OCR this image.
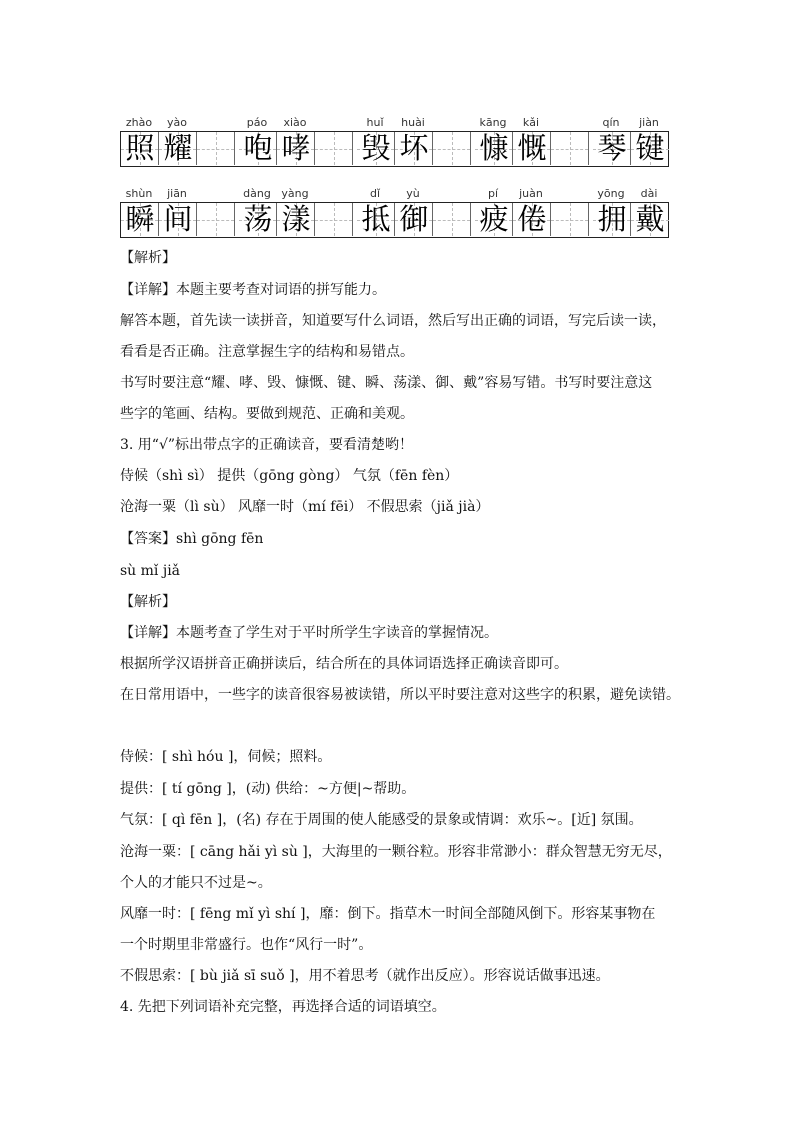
zhào	yào	páo	xiào	huǐ	huài	kāng	kǎi	qín	jiàn
照 耀 咆 哮 毁 坏 慷 慨 琴 键
shùn	jiān	dàng yàng	dǐ	yù	pí	juàn	yōng	dài
瞬 间 荡 漾 抵 御 疲 倦 拥 戴
【解析】
【详解】本题主要考查对词语的拼写能力。
解答本题，首先读一读拼音，知道要写什么词语，然后写出正确的词语，写完后读一读，
看看是否正确。注意掌握生字的结构和易错点。
书写时要注意“耀、哮、毁、慷慨、键、瞬、荡漾、御、戴”容易写错。书写时要注意这
些字的笔画、结构。要做到规范、正确和美观。
3. 用“√”标出带点字的正确读音，要看清楚哟！
侍候（shì sì） 提供（gōng gòng） 气氛（fēn fèn）
沧海一粟（lì sù） 风靡一时（mí fēi） 不假思索（jiǎ jià）
【答案】shì gōng fēn
sù mǐ jiǎ
【解析】
【详解】本题考查了学生对于平时所学生字读音的掌握情况。
根据所学汉语拼音正确拼读后，结合所在的具体词语选择正确读音即可。
在日常用语中，一些字的读音很容易被读错，所以平时要注意对这些字的积累，避免读错。
侍候：[ shì hóu ]，伺候；照料。
提供：[ tí gōng ]，(动) 供给：~方便|~帮助。
气氛：[ qì fēn ]，(名) 存在于周围的使人能感受的景象或情调：欢乐~。[近] 氛围。
沧海一粟：[ cāng hǎi yì sù ]，大海里的一颗谷粒。形容非常渺小：群众智慧无穷无尽，
个人的才能只不过是~。
风靡一时：[ fēng mǐ yì shí ]，靡：倒下。指草木一时间全部随风倒下。形容某事物在
一个时期里非常盛行。也作“风行一时”。
不假思索：[ bù jiǎ sī suǒ ]，用不着思考（就作出反应）。形容说话做事迅速。
4. 先把下列词语补充完整，再选择合适的词语填空。
